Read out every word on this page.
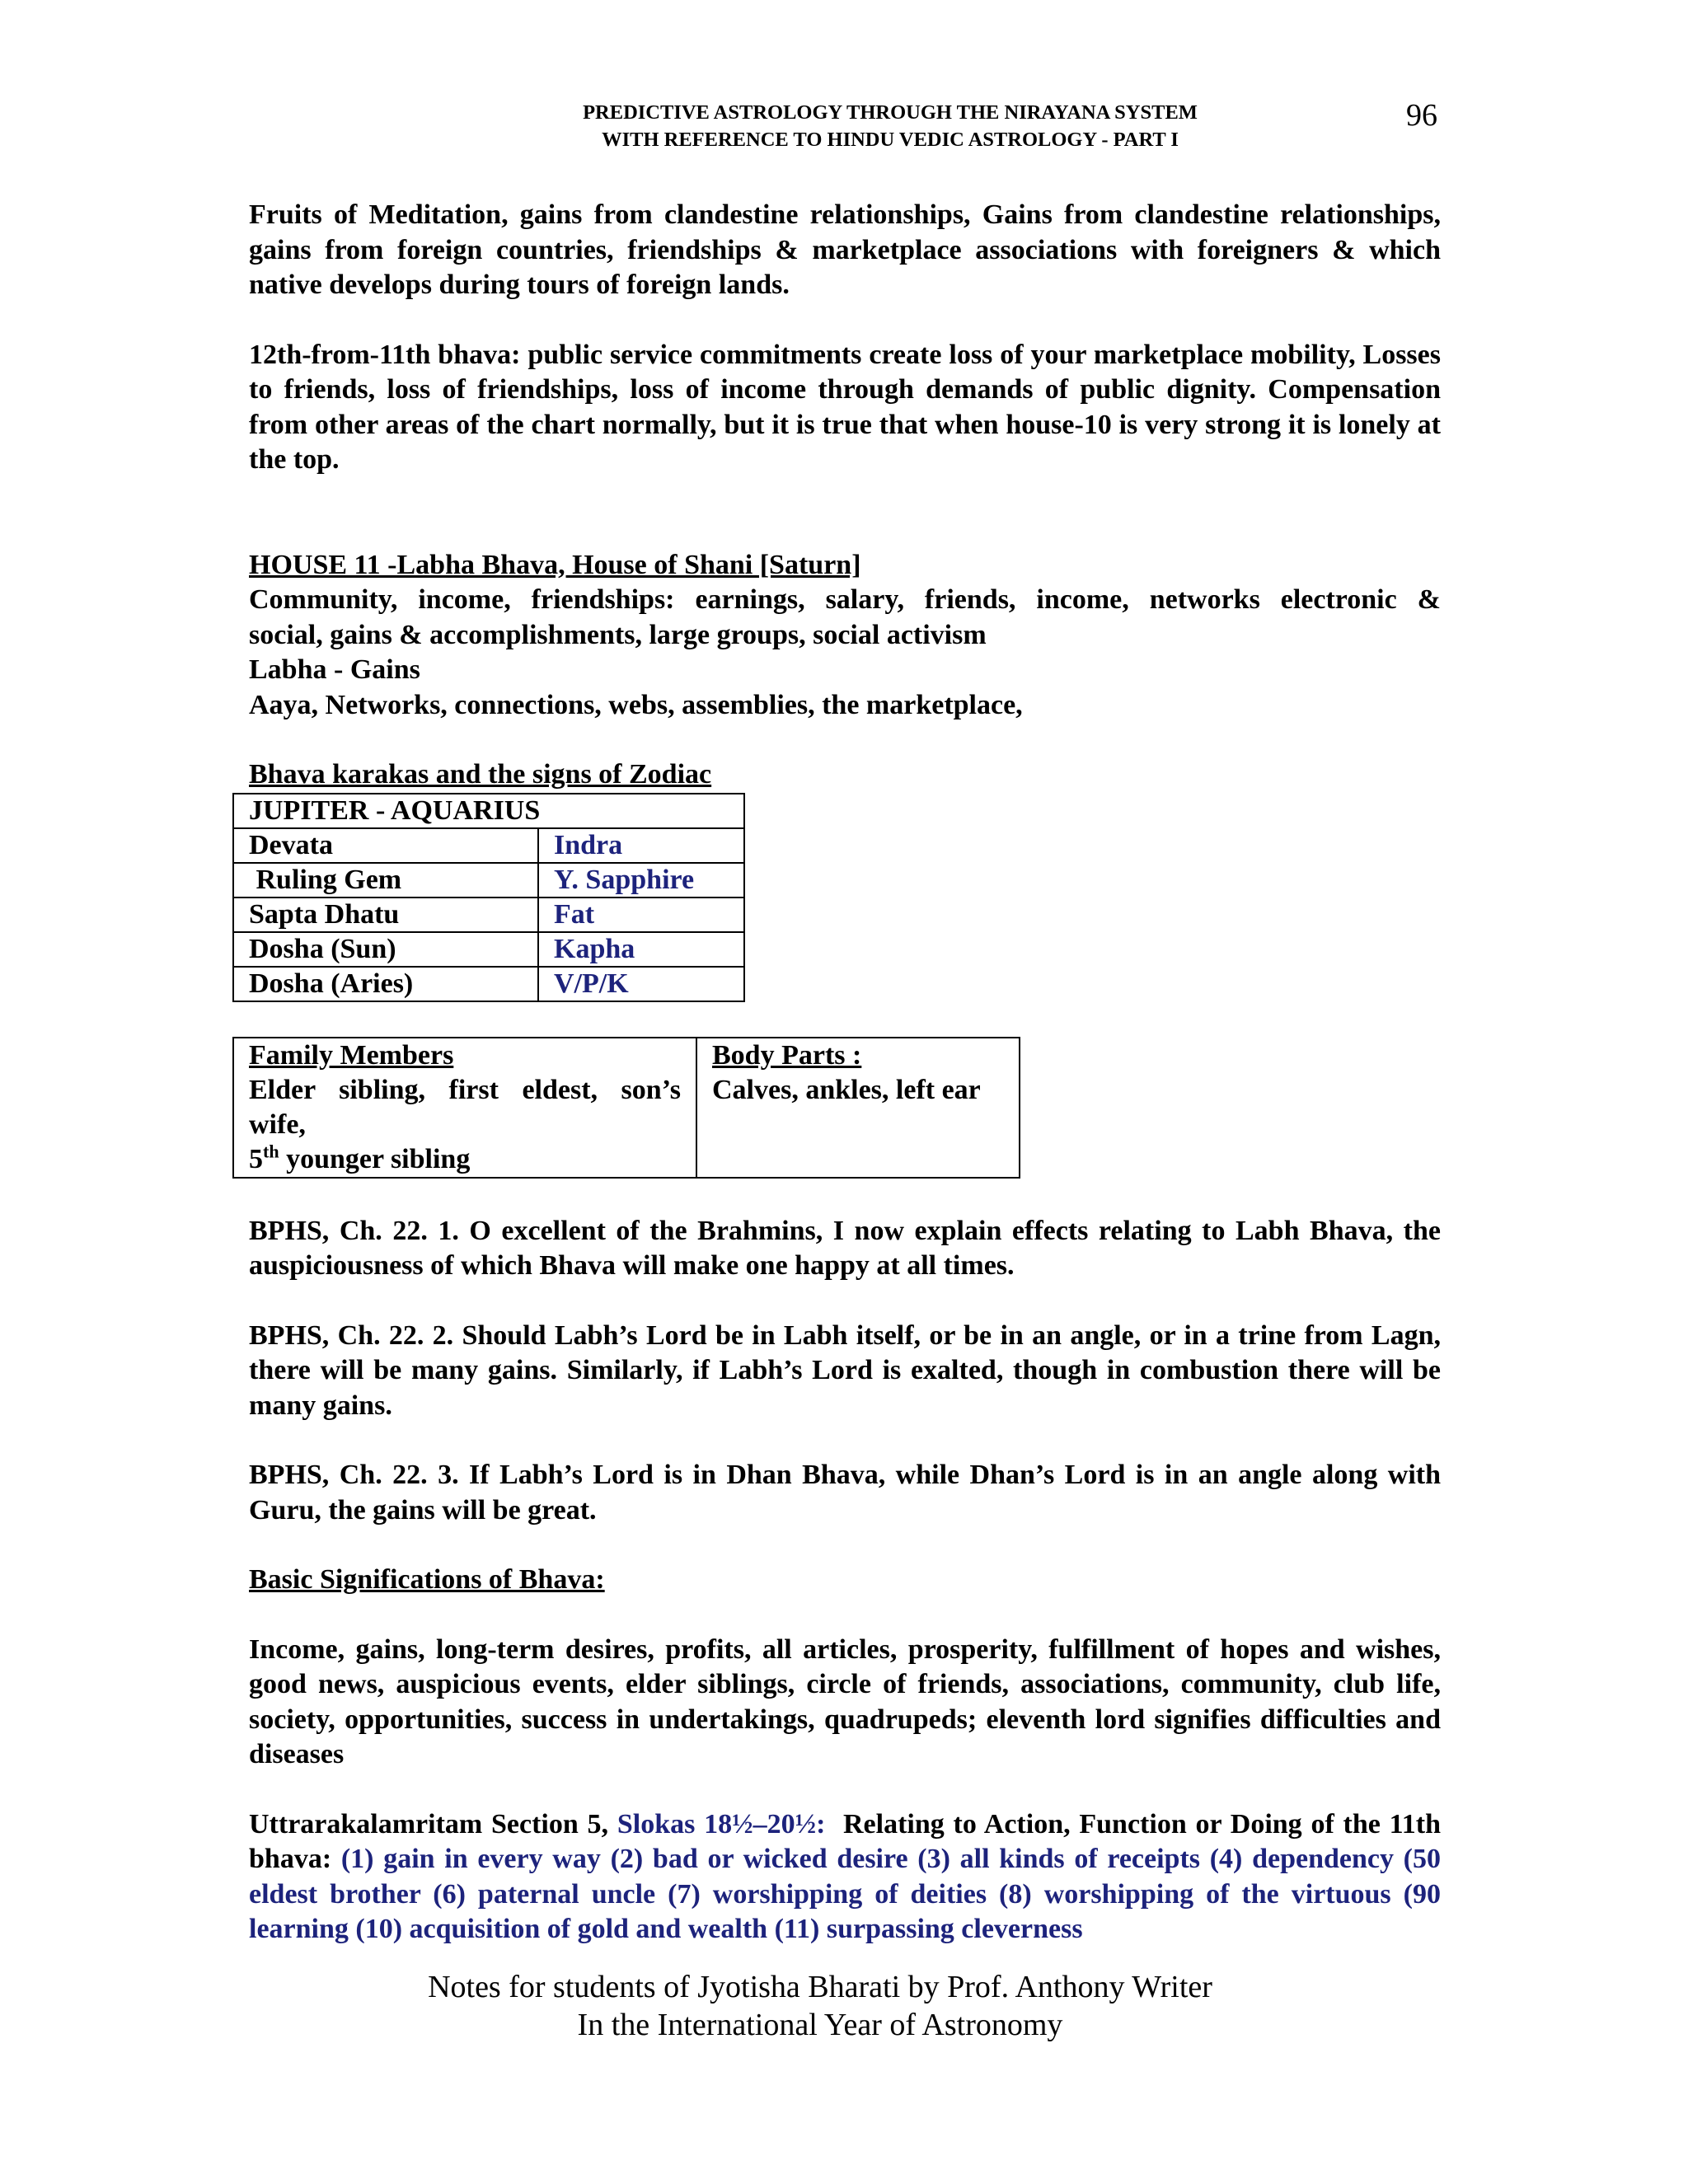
PREDICTIVE ASTROLOGY THROUGH THE NIRAYANA SYSTEM
WITH REFERENCE TO HINDU VEDIC ASTROLOGY - PART I
96

Fruits of Meditation, gains from clandestine relationships, Gains from clandestine relationships, gains from foreign countries, friendships & marketplace associations with foreigners & which native develops during tours of foreign lands.

12th-from-11th bhava: public service commitments create loss of your marketplace mobility, Losses to friends, loss of friendships, loss of income through demands of public dignity. Compensation from other areas of the chart normally, but it is true that when house-10 is very strong it is lonely at the top.

HOUSE 11 -Labha Bhava, House of Shani [Saturn]

Community, income, friendships: earnings, salary, friends, income, networks electronic &

social, gains & accomplishments, large groups, social activism

Labha - Gains

Aaya, Networks, connections, webs, assemblies, the marketplace,

Bhava karakas and the signs of Zodiac

JUPITER - AQUARIUS	
Devata	Indra
Ruling Gem	Y. Sapphire
Sapta Dhatu	Fat
Dosha (Sun)	Kapha
Dosha (Aries)	V/P/K
Family Members
Elder sibling, first eldest, son’s
wife,
5th younger sibling

Body Parts :
Calves, ankles, left ear

BPHS, Ch. 22. 1. O excellent of the Brahmins, I now explain effects relating to Labh Bhava, the auspiciousness of which Bhava will make one happy at all times.

BPHS, Ch. 22. 2. Should Labh’s Lord be in Labh itself, or be in an angle, or in a trine from Lagn, there will be many gains. Similarly, if Labh’s Lord is exalted, though in combustion there will be many gains.

BPHS, Ch. 22. 3. If Labh’s Lord is in Dhan Bhava, while Dhan’s Lord is in an angle along with Guru, the gains will be great.

Basic Significations of Bhava:

Income, gains, long-term desires, profits, all articles, prosperity, fulfillment of hopes and wishes, good news, auspicious events, elder siblings, circle of friends, associations, community, club life, society, opportunities, success in undertakings, quadrupeds; eleventh lord signifies difficulties and diseases

Uttrarakalamritam Section 5, Slokas 18½–20½:  Relating to Action, Function or Doing of the 11th  bhava: (1) gain in every way (2) bad or wicked desire (3) all kinds of receipts (4) dependency (50 eldest brother (6) paternal uncle (7) worshipping of deities (8) worshipping of the virtuous (90 learning (10) acquisition of gold and wealth (11) surpassing cleverness

Notes for students of Jyotisha Bharati by Prof. Anthony Writer
In the International Year of Astronomy
